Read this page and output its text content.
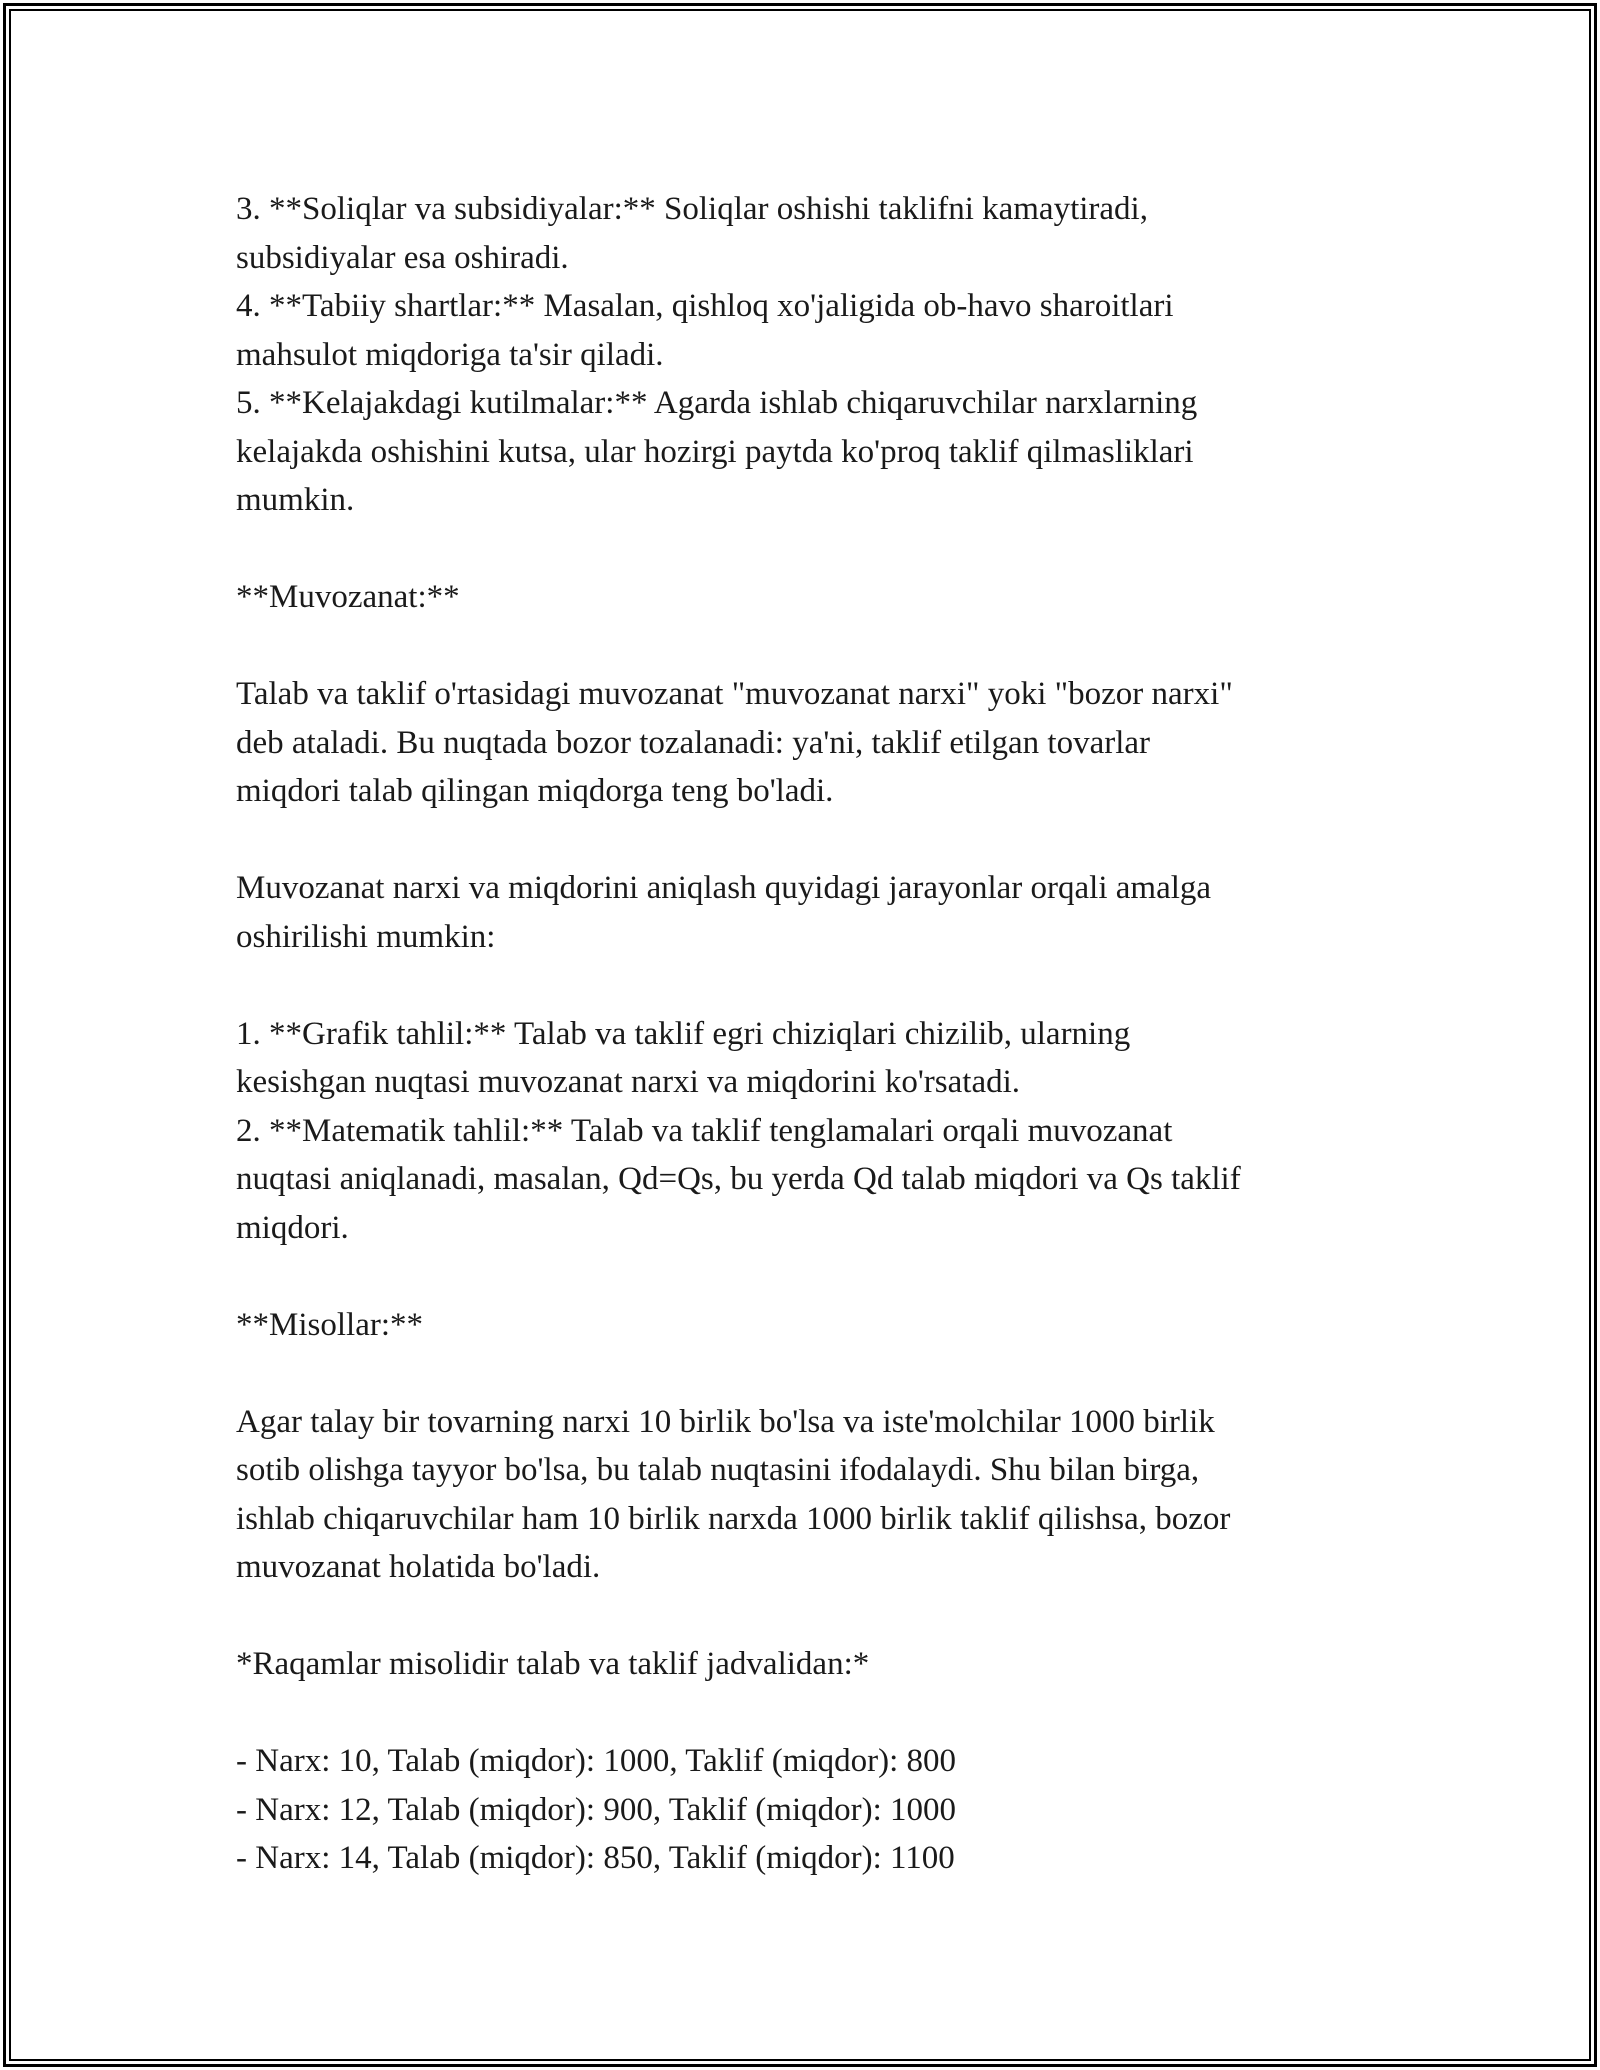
3. **Soliqlar va subsidiyalar:** Soliqlar oshishi taklifni kamaytiradi,
subsidiyalar esa oshiradi.
4. **Tabiiy shartlar:** Masalan, qishloq xo'jaligida ob-havo sharoitlari
mahsulot miqdoriga ta'sir qiladi.
5. **Kelajakdagi kutilmalar:** Agarda ishlab chiqaruvchilar narxlarning
kelajakda oshishini kutsa, ular hozirgi paytda ko'proq taklif qilmasliklari
mumkin.
**Muvozanat:**
Talab va taklif o'rtasidagi muvozanat "muvozanat narxi" yoki "bozor narxi"
deb ataladi. Bu nuqtada bozor tozalanadi: ya'ni, taklif etilgan tovarlar
miqdori talab qilingan miqdorga teng bo'ladi.
Muvozanat narxi va miqdorini aniqlash quyidagi jarayonlar orqali amalga
oshirilishi mumkin:
1. **Grafik tahlil:** Talab va taklif egri chiziqlari chizilib, ularning
kesishgan nuqtasi muvozanat narxi va miqdorini ko'rsatadi.
2. **Matematik tahlil:** Talab va taklif tenglamalari orqali muvozanat
nuqtasi aniqlanadi, masalan, Qd=Qs, bu yerda Qd talab miqdori va Qs taklif
miqdori.
**Misollar:**
Agar talay bir tovarning narxi 10 birlik bo'lsa va iste'molchilar 1000 birlik
sotib olishga tayyor bo'lsa, bu talab nuqtasini ifodalaydi. Shu bilan birga,
ishlab chiqaruvchilar ham 10 birlik narxda 1000 birlik taklif qilishsa, bozor
muvozanat holatida bo'ladi.
*Raqamlar misolidir talab va taklif jadvalidan:*
- Narx: 10, Talab (miqdor): 1000, Taklif (miqdor): 800
- Narx: 12, Talab (miqdor): 900, Taklif (miqdor): 1000
- Narx: 14, Talab (miqdor): 850, Taklif (miqdor): 1100
